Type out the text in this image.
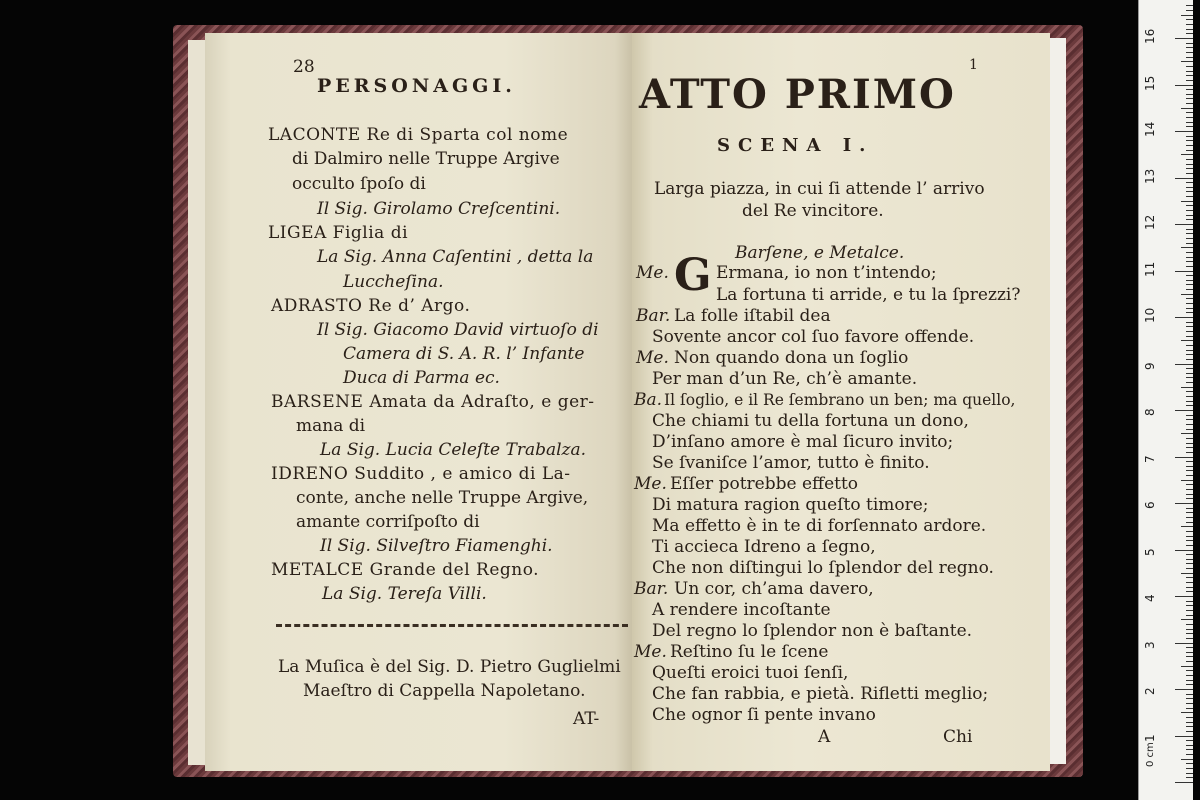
28
PERSONAGGI.
LACONTE Re di Sparta col nome
di Dalmiro nelle Truppe Argive
occulto ſpoſo di
Il Sig. Girolamo Creſcentini.
LIGEA Figlia di
La Sig. Anna Caſentini , detta la
Luccheſina.
ADRASTO Re d’ Argo.
Il Sig. Giacomo David virtuoſo di
Camera di S. A. R. l’ Infante
Duca di Parma ec.
BARSENE Amata da Adraſto, e ger-
mana di
La Sig. Lucia Celeſte Trabalza.
IDRENO Suddito , e amico di La-
conte, anche nelle Truppe Argive,
amante corriſpoſto di
Il Sig. Silveſtro Fiamenghi.
METALCE Grande del Regno.
La Sig. Tereſa Villi.
La Muſica è del Sig. D. Pietro Guglielmi
Maeſtro di Cappella Napoletano.
AT-
1
ATTO PRIMO
SCENA I.
Larga piazza, in cui ſi attende l’ arrivo
del Re vincitore.
Barſene, e Metalce.
G
Me.	Ermana, io non t’intendo;
La fortuna ti arride, e tu la ſprezzi?
Bar. La folle iſtabil dea
Sovente ancor col ſuo favore offende.
Me. Non quando dona un ſoglio
Per man d’un Re, ch’è amante.
Ba. Il ſoglio, e il Re ſembrano un ben; ma quello,
Che chiami tu della fortuna un dono,
D’inſano amore è mal ſicuro invito;
Se ſvaniſce l’amor, tutto è finito.
Me. Eſſer potrebbe effetto
Di matura ragion queſto timore;
Ma effetto è in te di forſennato ardore.
Ti accieca Idreno a ſegno,
Che non diſtingui lo ſplendor del regno.
Bar. Un cor, ch’ama davero,
A rendere incoſtante
Del regno lo ſplendor non è baſtante.
Me. Reſtino ſu le ſcene
Queſti eroici tuoi ſenſi,
Che fan rabbia, e pietà. Rifletti meglio;
Che ognor ſi pente invano
A	Chi	1
2
3
4
5
6
7
8
9
10
11
12
13
14
15
16
0 cm
